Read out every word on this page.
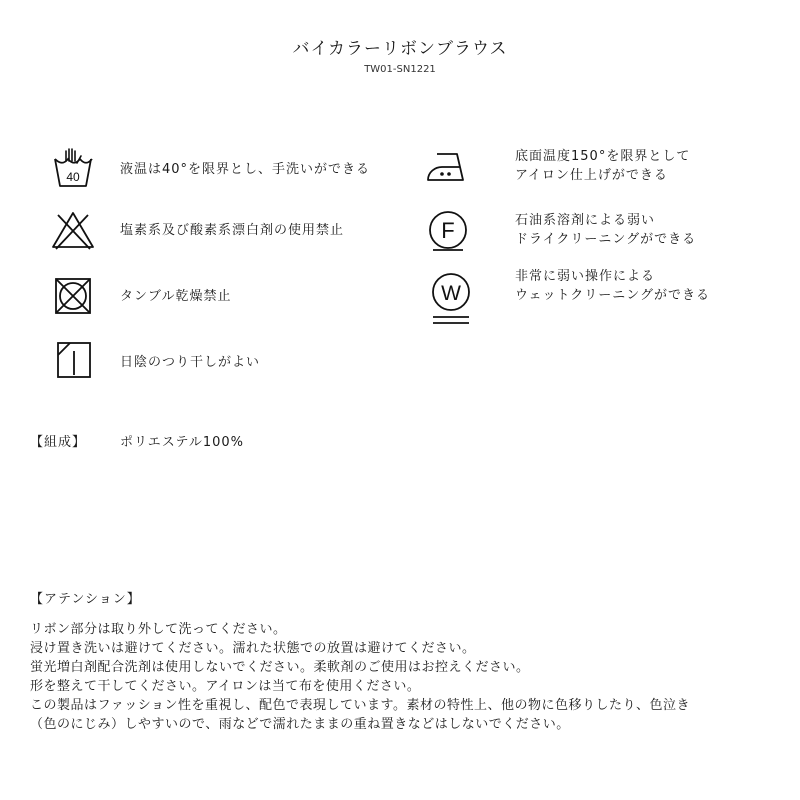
バイカラーリボンブラウス
TW01-SN1221
40
液温は40°を限界とし、手洗いができる
塩素系及び酸素系漂白剤の使用禁止
タンブル乾燥禁止
日陰のつり干しがよい
底面温度150°を限界として
アイロン仕上げができる
F	石油系溶剤による弱い
ドライクリーニングができる
W
非常に弱い操作による
ウェットクリーニングができる
【組成】	ポリエステル100%
【アテンション】
リボン部分は取り外して洗ってください。
浸け置き洗いは避けてください。濡れた状態での放置は避けてください。
蛍光増白剤配合洗剤は使用しないでください。柔軟剤のご使用はお控えください。
形を整えて干してください。アイロンは当て布を使用ください。
この製品はファッション性を重視し、配色で表現しています。素材の特性上、他の物に色移りしたり、色泣き
（色のにじみ）しやすいので、雨などで濡れたままの重ね置きなどはしないでください。
